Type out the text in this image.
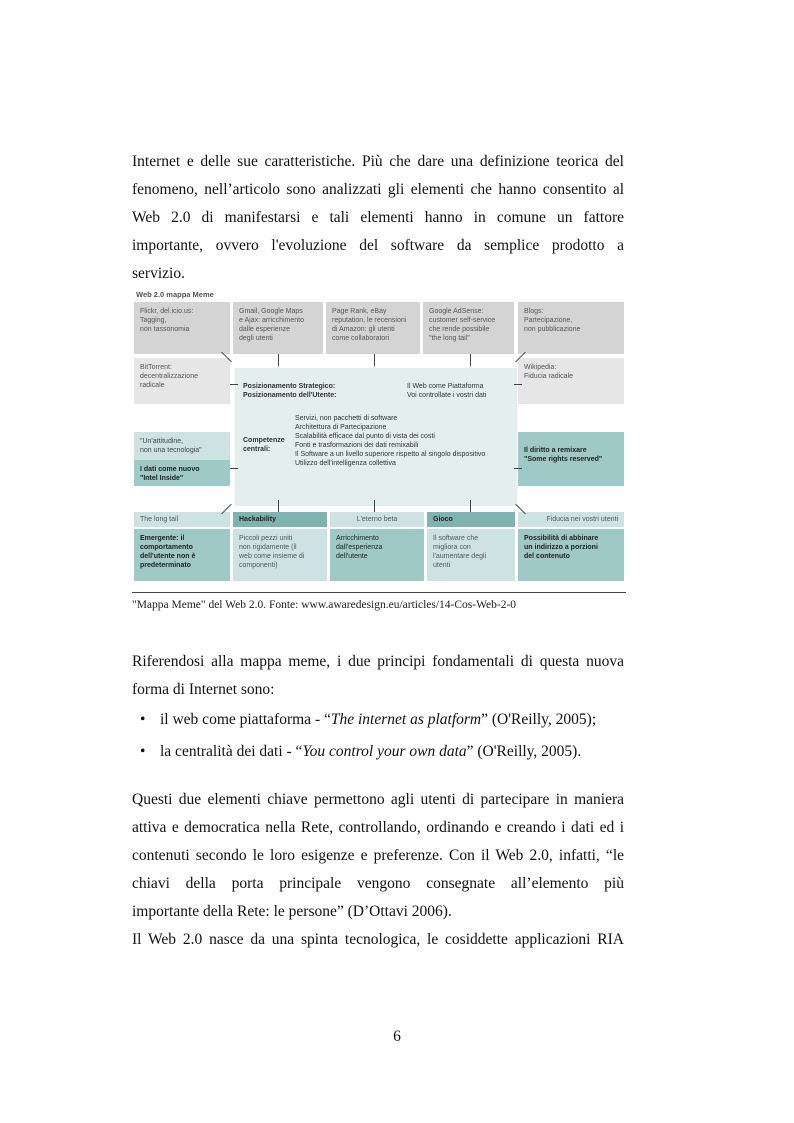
Internet e delle sue caratteristiche. Più che dare una definizione teorica del
fenomeno, nell’articolo sono analizzati gli elementi che hanno consentito al
Web 2.0 di manifestarsi e tali elementi hanno in comune un fattore
importante, ovvero l'evoluzione del software da semplice prodotto a
servizio.
Web 2.0 mappa Meme
Flickr, del.icio.us:
Tagging,
non tassonomia
Gmail, Google Maps
e Ajax: arricchimento
dalle esperienze
degli utenti
Page Rank, eBay
reputation, le recensioni
di Amazon: gli utenti
come collaboratori
Google AdSense:
customer self-service
che rende possibile
"the long tail"
Blogs:
Partecipazione,
non pubblicazione
BitTorrent:
decentralizzazione
radicale
Wikipedia:
Fiducia radicale
Posizionamento Strategico:
Posizionamento dell'Utente:
Il Web come Piattaforma
Voi controllate i vostri dati
Competenze
centrali:
Servizi, non pacchetti di software
Architettura di Partecipazione
Scalabilità efficace dal punto di vista dei costi
Fonti e trasformazioni dei dati remixabili
Il Software a un livello superiore rispetto al singolo dispositivo
Utilizzo dell'intelligenza collettiva
"Un'attitudine,
non una tecnologia"
I dati come nuovo
"Intel Inside"
Il diritto a remixare
"Some rights reserved"
The long tail	Hackability	L'eterno beta	Gioco	Fiducia nei vostri utenti
Emergente: il
comportamento
dell'utente non è
predeterminato
Piccoli pezzi uniti
non rigidamente (il
web come insieme di
componenti)
Arricchimento
dall'esperienza
dell'utente
Il software che
migliora con
l'aumentare degli
utenti
Possibilità di abbinare
un indirizzo a porzioni
del contenuto
"Mappa Meme" del Web 2.0. Fonte: www.awaredesign.eu/articles/14-Cos-Web-2-0
Riferendosi alla mappa meme, i due principi fondamentali di questa nuova
forma di Internet sono:
• il web come piattaforma - “The internet as platform” (O'Reilly, 2005);
• la centralità dei dati - “You control your own data” (O'Reilly, 2005).
Questi due elementi chiave permettono agli utenti di partecipare in maniera
attiva e democratica nella Rete, controllando, ordinando e creando i dati ed i
contenuti secondo le loro esigenze e preferenze. Con il Web 2.0, infatti, “le
chiavi della porta principale vengono consegnate all’elemento più
importante della Rete: le persone” (D’Ottavi 2006).
Il Web 2.0 nasce da una spinta tecnologica, le cosiddette applicazioni RIA
6
